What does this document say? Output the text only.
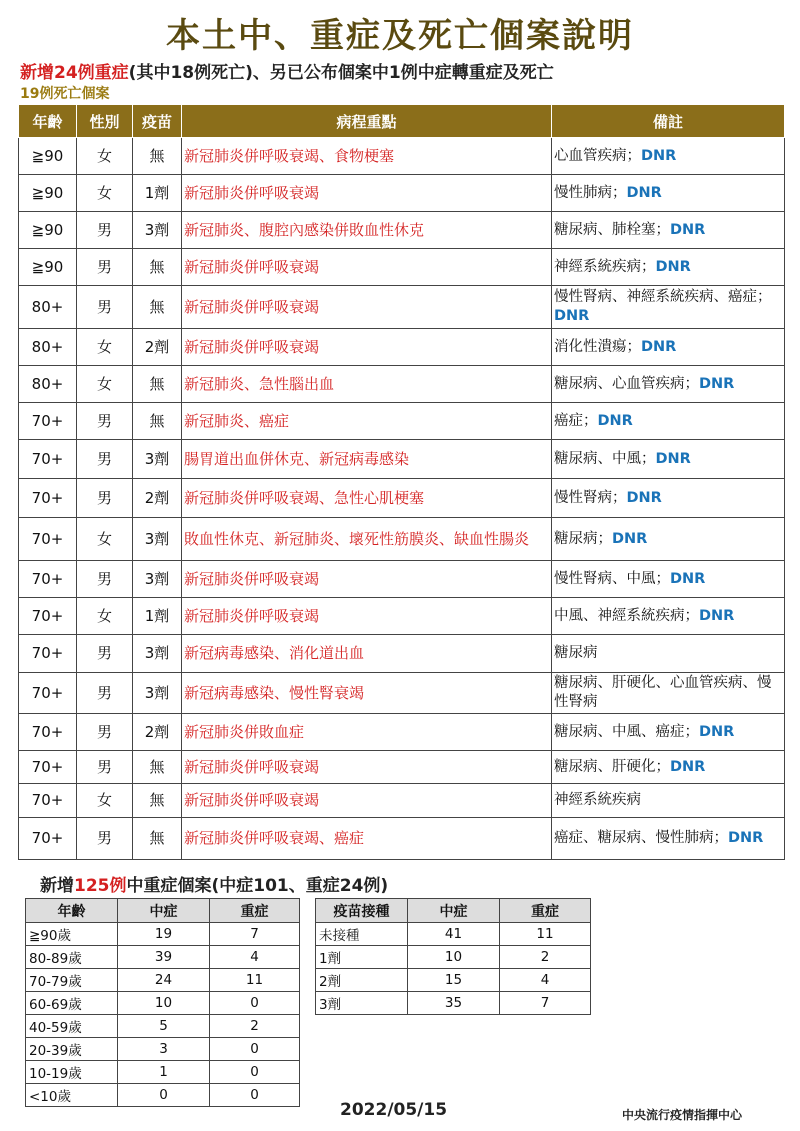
本土中、重症及死亡個案說明
新增24例重症(其中18例死亡)、另已公布個案中1例中症轉重症及死亡
19例死亡個案
年齡	性別	疫苗	病程重點	備註
≧90	女	無	新冠肺炎併呼吸衰竭、食物梗塞	心血管疾病；DNR
≧90	女	1劑	新冠肺炎併呼吸衰竭	慢性肺病；DNR
≧90	男	3劑	新冠肺炎、腹腔內感染併敗血性休克	糖尿病、肺栓塞；DNR
≧90	男	無	新冠肺炎併呼吸衰竭	神經系統疾病；DNR
80+	男	無	新冠肺炎併呼吸衰竭	慢性腎病、神經系統疾病、癌症；DNR
80+	女	2劑	新冠肺炎併呼吸衰竭	消化性潰瘍；DNR
80+	女	無	新冠肺炎、急性腦出血	糖尿病、心血管疾病；DNR
70+	男	無	新冠肺炎、癌症	癌症；DNR
70+	男	3劑	腸胃道出血併休克、新冠病毒感染	糖尿病、中風；DNR
70+	男	2劑	新冠肺炎併呼吸衰竭、急性心肌梗塞	慢性腎病；DNR
70+	女	3劑	敗血性休克、新冠肺炎、壞死性筋膜炎、缺血性腸炎	糖尿病；DNR
70+	男	3劑	新冠肺炎併呼吸衰竭	慢性腎病、中風；DNR
70+	女	1劑	新冠肺炎併呼吸衰竭	中風、神經系統疾病；DNR
70+	男	3劑	新冠病毒感染、消化道出血	糖尿病
70+	男	3劑	新冠病毒感染、慢性腎衰竭	糖尿病、肝硬化、心血管疾病、慢性腎病
70+	男	2劑	新冠肺炎併敗血症	糖尿病、中風、癌症；DNR
70+	男	無	新冠肺炎併呼吸衰竭	糖尿病、肝硬化；DNR
70+	女	無	新冠肺炎併呼吸衰竭	神經系統疾病
70+	男	無	新冠肺炎併呼吸衰竭、癌症	癌症、糖尿病、慢性肺病；DNR
新增125例中重症個案(中症101、重症24例)
年齡	中症	重症
≧90歲	19	7
80-89歲	39	4
70-79歲	24	11
60-69歲	10	0
40-59歲	5	2
20-39歲	3	0
10-19歲	1	0
<10歲	0	0
疫苗接種	中症	重症
未接種	41	11
1劑	10	2
2劑	15	4
3劑	35	7
2022/05/15	中央流行疫情指揮中心
